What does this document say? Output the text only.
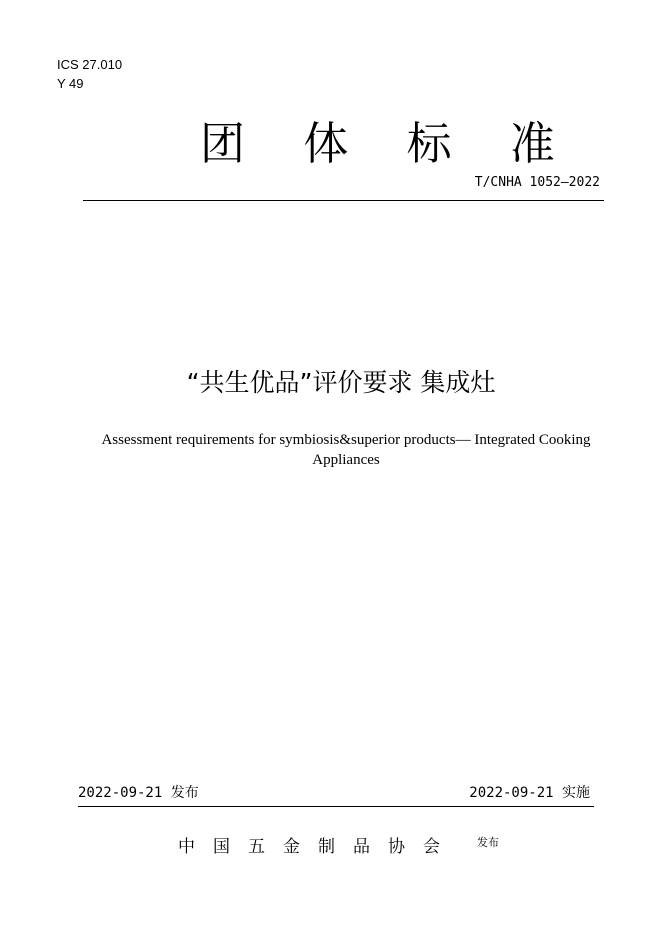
ICS 27.010
Y 49
团 体 标 准
T/CNHA 1052—2022
“共生优品”评价要求 集成灶
Assessment requirements for symbiosis&superior products— Integrated Cooking Appliances
2022-09-21 发布	2022-09-21 实施
中国五金制品协会 发布
